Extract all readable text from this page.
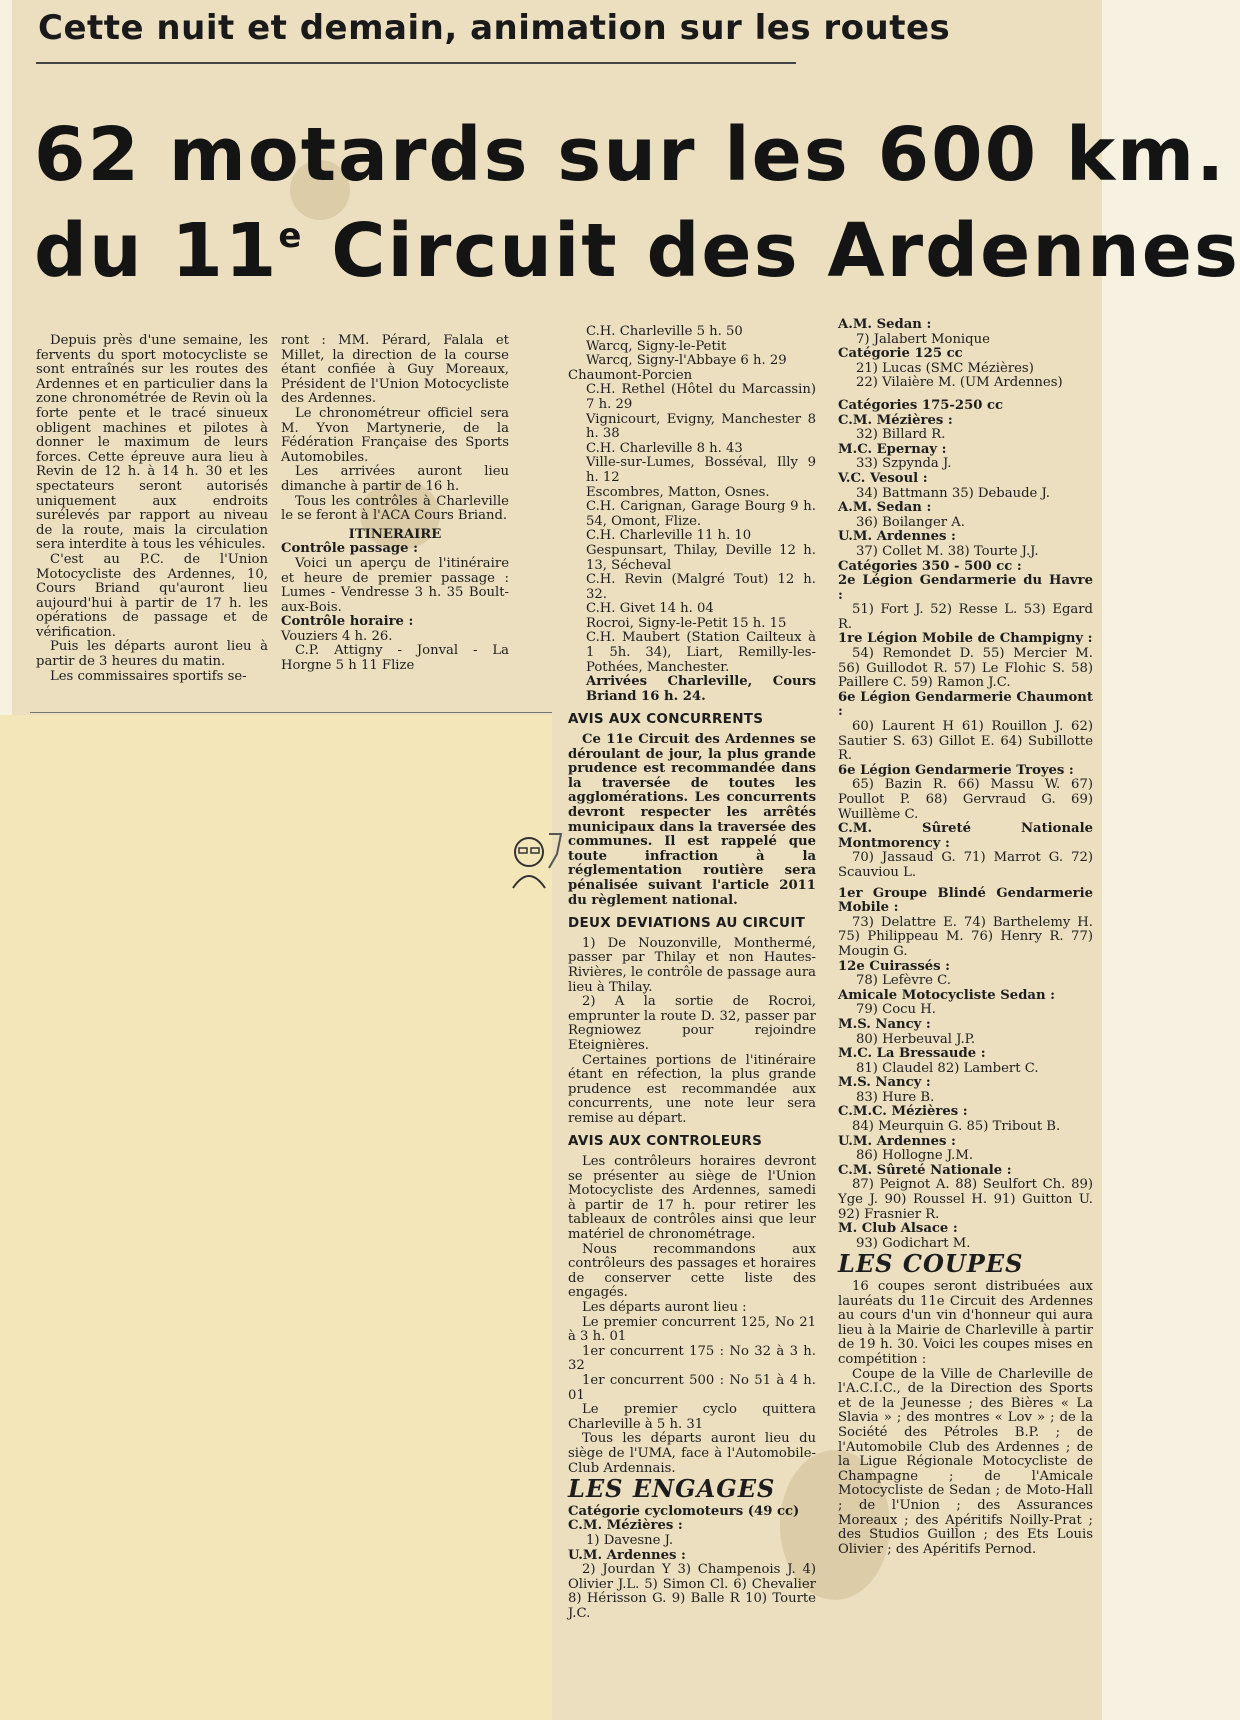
Cette nuit et demain, animation sur les routes
62 motards sur les 600 km.
du 11e Circuit des Ardennes

Depuis près d'une semaine, les fervents du sport motocycliste se sont entraînés sur les routes des Ardennes et en particulier dans la zone chronométrée de Revin où la forte pente et le tracé sinueux obligent machines et pilotes à donner le maximum de leurs forces. Cette épreuve aura lieu à Revin de 12 h. à 14 h. 30 et les spectateurs seront autorisés uniquement aux endroits surélevés par rapport au niveau de la route, mais la circulation sera interdite à tous les véhicules.

C'est au P.C. de l'Union Motocycliste des Ardennes, 10, Cours Briand qu'auront lieu aujourd'hui à partir de 17 h. les opérations de passage et de vérification.

Puis les départs auront lieu à partir de 3 heures du matin.

Les commissaires sportifs se-

ront : MM. Pérard, Falala et Millet, la direction de la course étant confiée à Guy Moreaux, Président de l'Union Motocycliste des Ardennes.

Le chronométreur officiel sera M. Yvon Martynerie, de la Fédération Française des Sports Automobiles.

Les arrivées auront lieu dimanche à partir de 16 h.

Tous les contrôles à Charleville le se feront à l'ACA Cours Briand.

ITINERAIRE

Contrôle passage :

Voici un aperçu de l'itinéraire et heure de premier passage : Lumes - Vendresse 3 h. 35 Boult-aux-Bois.

Contrôle horaire :

Vouziers 4 h. 26.

C.P. Attigny - Jonval - La Horgne 5 h 11 Flize

C.H. Charleville 5 h. 50

Warcq, Signy-le-Petit

Warcq, Signy-l'Abbaye 6 h. 29

Chaumont-Porcien

C.H. Rethel (Hôtel du Marcassin) 7 h. 29

Vignicourt, Evigny, Manchester 8 h. 38

C.H. Charleville 8 h. 43

Ville-sur-Lumes, Bosséval, Illy 9 h. 12

Escombres, Matton, Osnes.

C.H. Carignan, Garage Bourg 9 h. 54, Omont, Flize.

C.H. Charleville 11 h. 10

Gespunsart, Thilay, Deville 12 h. 13, Sécheval

C.H. Revin (Malgré Tout) 12 h. 32.

C.H. Givet 14 h. 04

Rocroi, Signy-le-Petit 15 h. 15

C.H. Maubert (Station Cailteux à 1 5h. 34), Liart, Remilly-les-Pothées, Manchester.

Arrivées Charleville, Cours Briand 16 h. 24.

AVIS AUX CONCURRENTS

Ce 11e Circuit des Ardennes se déroulant de jour, la plus grande prudence est recommandée dans la traversée de toutes les agglomérations. Les concurrents devront respecter les arrêtés municipaux dans la traversée des communes. Il est rappelé que toute infraction à la réglementation routière sera pénalisée suivant l'article 2011 du règlement national.

DEUX DEVIATIONS AU CIRCUIT

1) De Nouzonville, Monthermé, passer par Thilay et non Hautes-Rivières, le contrôle de passage aura lieu à Thilay.

2) A la sortie de Rocroi, emprunter la route D. 32, passer par Regniowez pour rejoindre Eteignières.

Certaines portions de l'itinéraire étant en réfection, la plus grande prudence est recommandée aux concurrents, une note leur sera remise au départ.

AVIS AUX CONTROLEURS

Les contrôleurs horaires devront se présenter au siège de l'Union Motocycliste des Ardennes, samedi à partir de 17 h. pour retirer les tableaux de contrôles ainsi que leur matériel de chronométrage.

Nous recommandons aux contrôleurs des passages et horaires de conserver cette liste des engagés.

Les départs auront lieu :

Le premier concurrent 125, No 21 à 3 h. 01

1er concurrent 175 : No 32 à 3 h. 32

1er concurrent 500 : No 51 à 4 h. 01

Le premier cyclo quittera Charleville à 5 h. 31

Tous les départs auront lieu du siège de l'UMA, face à l'Automobile-Club Ardennais.

LES ENGAGES

Catégorie cyclomoteurs (49 cc)

C.M. Mézières :

1) Davesne J.

U.M. Ardennes :

2) Jourdan Y 3) Champenois J. 4) Olivier J.L. 5) Simon Cl. 6) Chevalier 8) Hérisson G. 9) Balle R 10) Tourte J.C.

A.M. Sedan :

7) Jalabert Monique

Catégorie 125 cc

21) Lucas (SMC Mézières)

22) Vilaière M. (UM Ardennes)

Catégories 175-250 cc

C.M. Mézières :

32) Billard R.

M.C. Epernay :

33) Szpynda J.

V.C. Vesoul :

34) Battmann 35) Debaude J.

A.M. Sedan :

36) Boilanger A.

U.M. Ardennes :

37) Collet M. 38) Tourte J.J.

Catégories 350 - 500 cc :

2e Légion Gendarmerie du Havre :

51) Fort J. 52) Resse L. 53) Egard R.

1re Légion Mobile de Champigny :

54) Remondet D. 55) Mercier M. 56) Guillodot R. 57) Le Flohic S. 58) Paillere C. 59) Ramon J.C.

6e Légion Gendarmerie Chaumont :

60) Laurent H 61) Rouillon J. 62) Sautier S. 63) Gillot E. 64) Subillotte R.

6e Légion Gendarmerie Troyes :

65) Bazin R. 66) Massu W. 67) Poullot P. 68) Gervraud G. 69) Wuillème C.

C.M. Sûreté Nationale Montmorency :

70) Jassaud G. 71) Marrot G. 72) Scauviou L.

1er Groupe Blindé Gendarmerie Mobile :

73) Delattre E. 74) Barthelemy H. 75) Philippeau M. 76) Henry R. 77) Mougin G.

12e Cuirassés :

78) Lefèvre C.

Amicale Motocycliste Sedan :

79) Cocu H.

M.S. Nancy :

80) Herbeuval J.P.

M.C. La Bressaude :

81) Claudel 82) Lambert C.

M.S. Nancy :

83) Hure B.

C.M.C. Mézières :

84) Meurquin G. 85) Tribout B.

U.M. Ardennes :

86) Hollogne J.M.

C.M. Sûreté Nationale :

87) Peignot A. 88) Seulfort Ch. 89) Yge J. 90) Roussel H. 91) Guitton U. 92) Frasnier R.

M. Club Alsace :

93) Godichart M.

LES COUPES

16 coupes seront distribuées aux lauréats du 11e Circuit des Ardennes au cours d'un vin d'honneur qui aura lieu à la Mairie de Charleville à partir de 19 h. 30. Voici les coupes mises en compétition :

Coupe de la Ville de Charleville de l'A.C.I.C., de la Direction des Sports et de la Jeunesse ; des Bières « La Slavia » ; des montres « Lov » ; de la Société des Pétroles B.P. ; de l'Automobile Club des Ardennes ; de la Ligue Régionale Motocycliste de Champagne ; de l'Amicale Motocycliste de Sedan ; de Moto-Hall ; de l'Union ; des Assurances Moreaux ; des Apéritifs Noilly-Prat ; des Studios Guillon ; des Ets Louis Olivier ; des Apéritifs Pernod.
